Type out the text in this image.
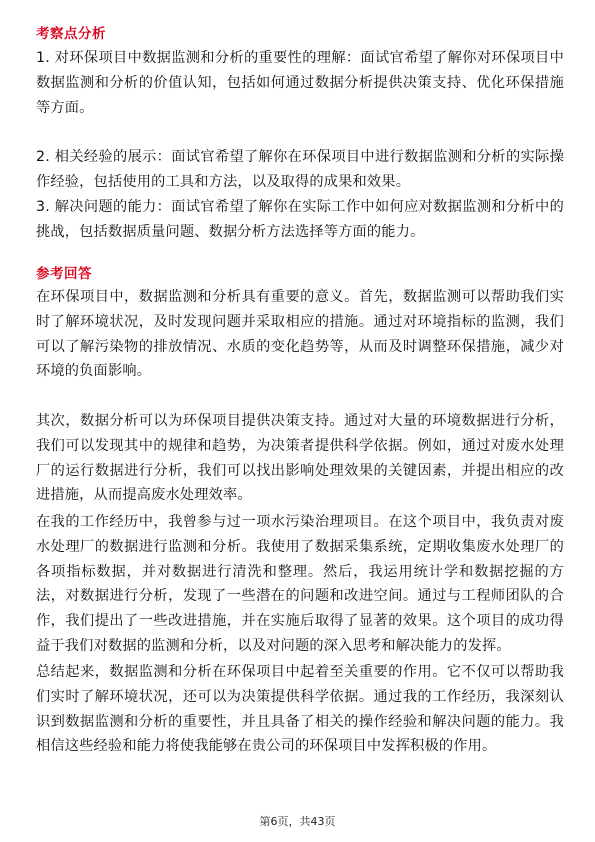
考察点分析

1. 对环保项目中数据监测和分析的重要性的理解：面试官希望了解你对环保项目中数据监测和分析的价值认知，包括如何通过数据分析提供决策支持、优化环保措施等方面。

2. 相关经验的展示：面试官希望了解你在环保项目中进行数据监测和分析的实际操作经验，包括使用的工具和方法，以及取得的成果和效果。

3. 解决问题的能力：面试官希望了解你在实际工作中如何应对数据监测和分析中的挑战，包括数据质量问题、数据分析方法选择等方面的能力。

参考回答

在环保项目中，数据监测和分析具有重要的意义。首先，数据监测可以帮助我们实时了解环境状况，及时发现问题并采取相应的措施。通过对环境指标的监测，我们可以了解污染物的排放情况、水质的变化趋势等，从而及时调整环保措施，减少对环境的负面影响。

其次，数据分析可以为环保项目提供决策支持。通过对大量的环境数据进行分析，我们可以发现其中的规律和趋势，为决策者提供科学依据。例如，通过对废水处理厂的运行数据进行分析，我们可以找出影响处理效果的关键因素，并提出相应的改进措施，从而提高废水处理效率。

在我的工作经历中，我曾参与过一项水污染治理项目。在这个项目中，我负责对废水处理厂的数据进行监测和分析。我使用了数据采集系统，定期收集废水处理厂的各项指标数据，并对数据进行清洗和整理。然后，我运用统计学和数据挖掘的方法，对数据进行分析，发现了一些潜在的问题和改进空间。通过与工程师团队的合作，我们提出了一些改进措施，并在实施后取得了显著的效果。这个项目的成功得益于我们对数据的监测和分析，以及对问题的深入思考和解决能力的发挥。

总结起来，数据监测和分析在环保项目中起着至关重要的作用。它不仅可以帮助我们实时了解环境状况，还可以为决策提供科学依据。通过我的工作经历，我深刻认识到数据监测和分析的重要性，并且具备了相关的操作经验和解决问题的能力。我相信这些经验和能力将使我能够在贵公司的环保项目中发挥积极的作用。

第6页，共43页
